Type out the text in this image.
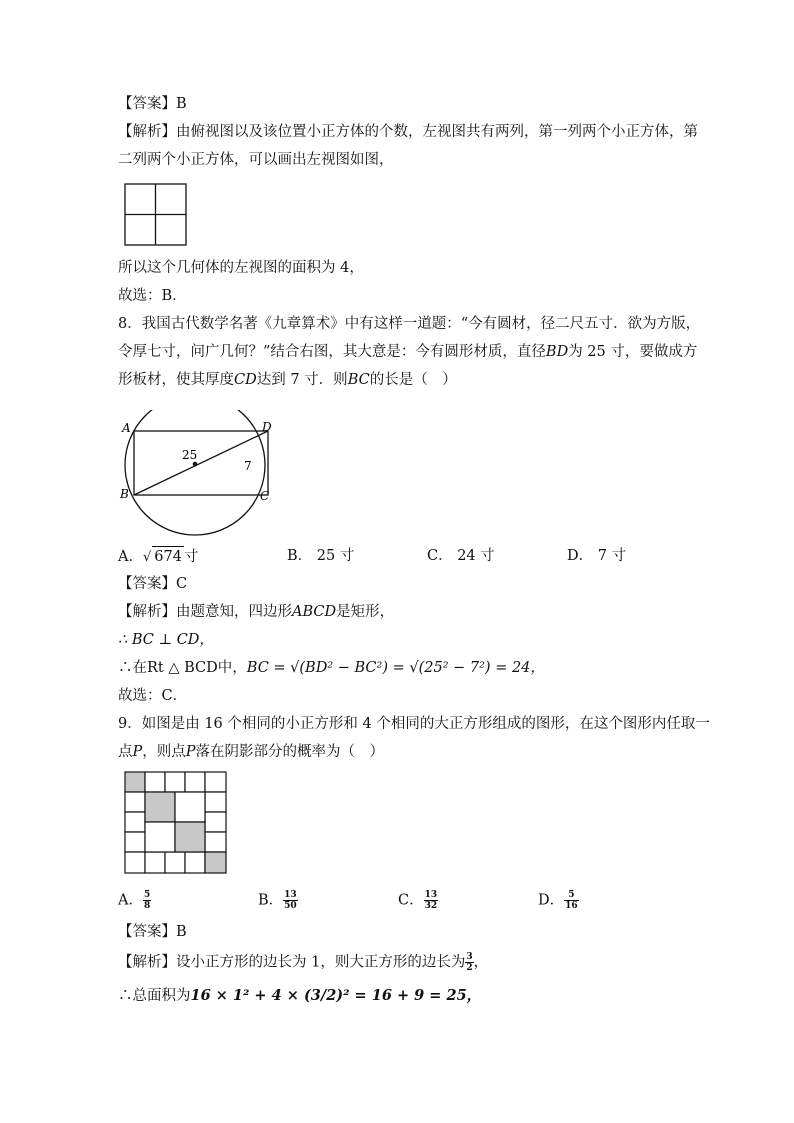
【答案】B
【解析】由俯视图以及该位置小正方体的个数，左视图共有两列，第一列两个小正方体，第
二列两个小正方体，可以画出左视图如图，
所以这个几何体的左视图的面积为 4，
故选：B．
8．我国古代数学名著《九章算术》中有这样一道题：“今有圆材，径二尺五寸．欲为方版，
令厚七寸，问广几何？”结合右图，其大意是：今有圆形材质，直径BD为 25 寸，要做成方
形板材，使其厚度CD达到 7 寸．则BC的长是（　）
A
B	C
D
25
7
A．√ 674 寸	B． 25 寸	C． 24 寸	D． 7 寸
【答案】C
【解析】由题意知，四边形ABCD是矩形，
∴ BC ⊥ CD，
∴在Rt △ BCD中，BC = √(BD² − BC²) = √(25² − 7²) = 24，
故选：C．
9．如图是由 16 个相同的小正方形和 4 个相同的大正方形组成的图形，在这个图形内任取一
点P，则点P落在阴影部分的概率为（　）
A． $\frac{5}{8}$	B． $\frac{13}{50}$	C． $\frac{13}{32}$	D． $\frac{5}{16}$
【答案】B
【解析】设小正方形的边长为 1，则大正方形的边长为 $\frac{3}{2}$ ，
∴总面积为16 × 1² + 4 × (3/2)² = 16 + 9 = 25，
